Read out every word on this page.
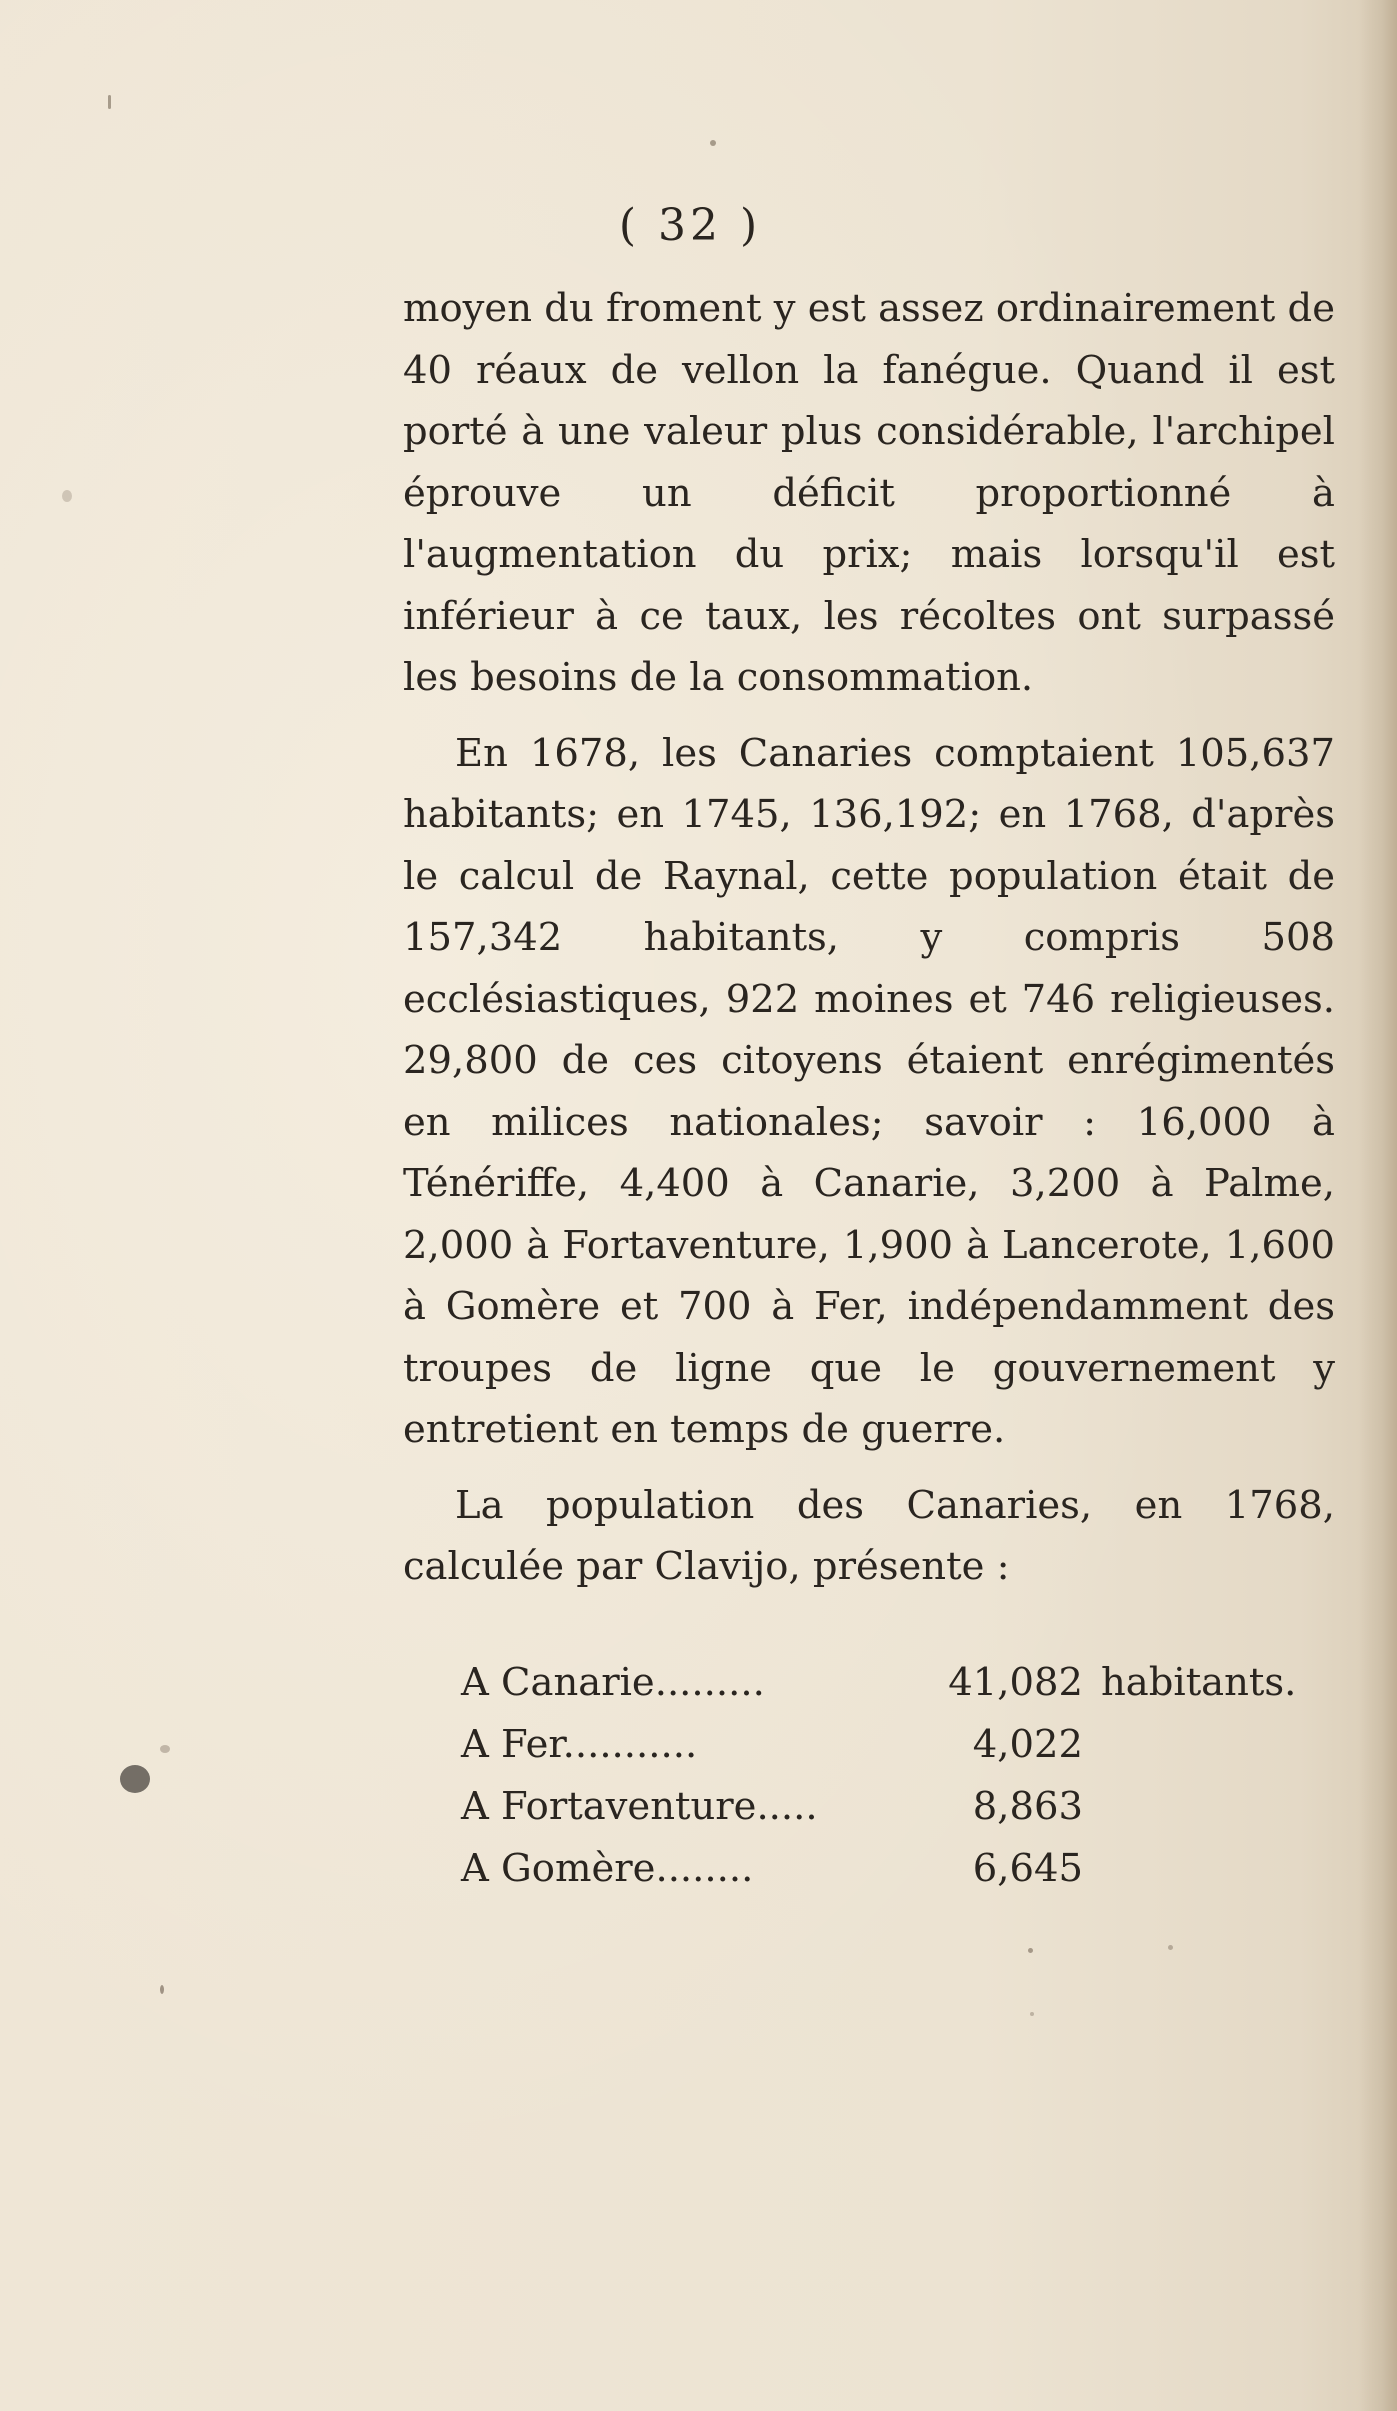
( 32 )

moyen du froment y est assez ordinairement de 40 réaux de vellon la fanégue. Quand il est porté à une valeur plus considérable, l'archipel éprouve un déficit proportionné à l'augmentation du prix; mais lorsqu'il est inférieur à ce taux, les récoltes ont surpassé les besoins de la consommation.

En 1678, les Canaries comptaient 105,637 habitants; en 1745, 136,192; en 1768, d'après le calcul de Raynal, cette population était de 157,342 habitants, y compris 508 ecclésiastiques, 922 moines et 746 religieuses. 29,800 de ces citoyens étaient enrégimentés en milices nationales; savoir : 16,000 à Ténériffe, 4,400 à Canarie, 3,200 à Palme, 2,000 à Fortaventure, 1,900 à Lancerote, 1,600 à Gomère et 700 à Fer, indépendamment des troupes de ligne que le gouvernement y entretient en temps de guerre.

La population des Canaries, en 1768, calculée par Clavijo, présente :

A Canarie.........	41,082 habitants.
A Fer...........	4,022
A Fortaventure.....	8,863
A Gomère........	6,645
